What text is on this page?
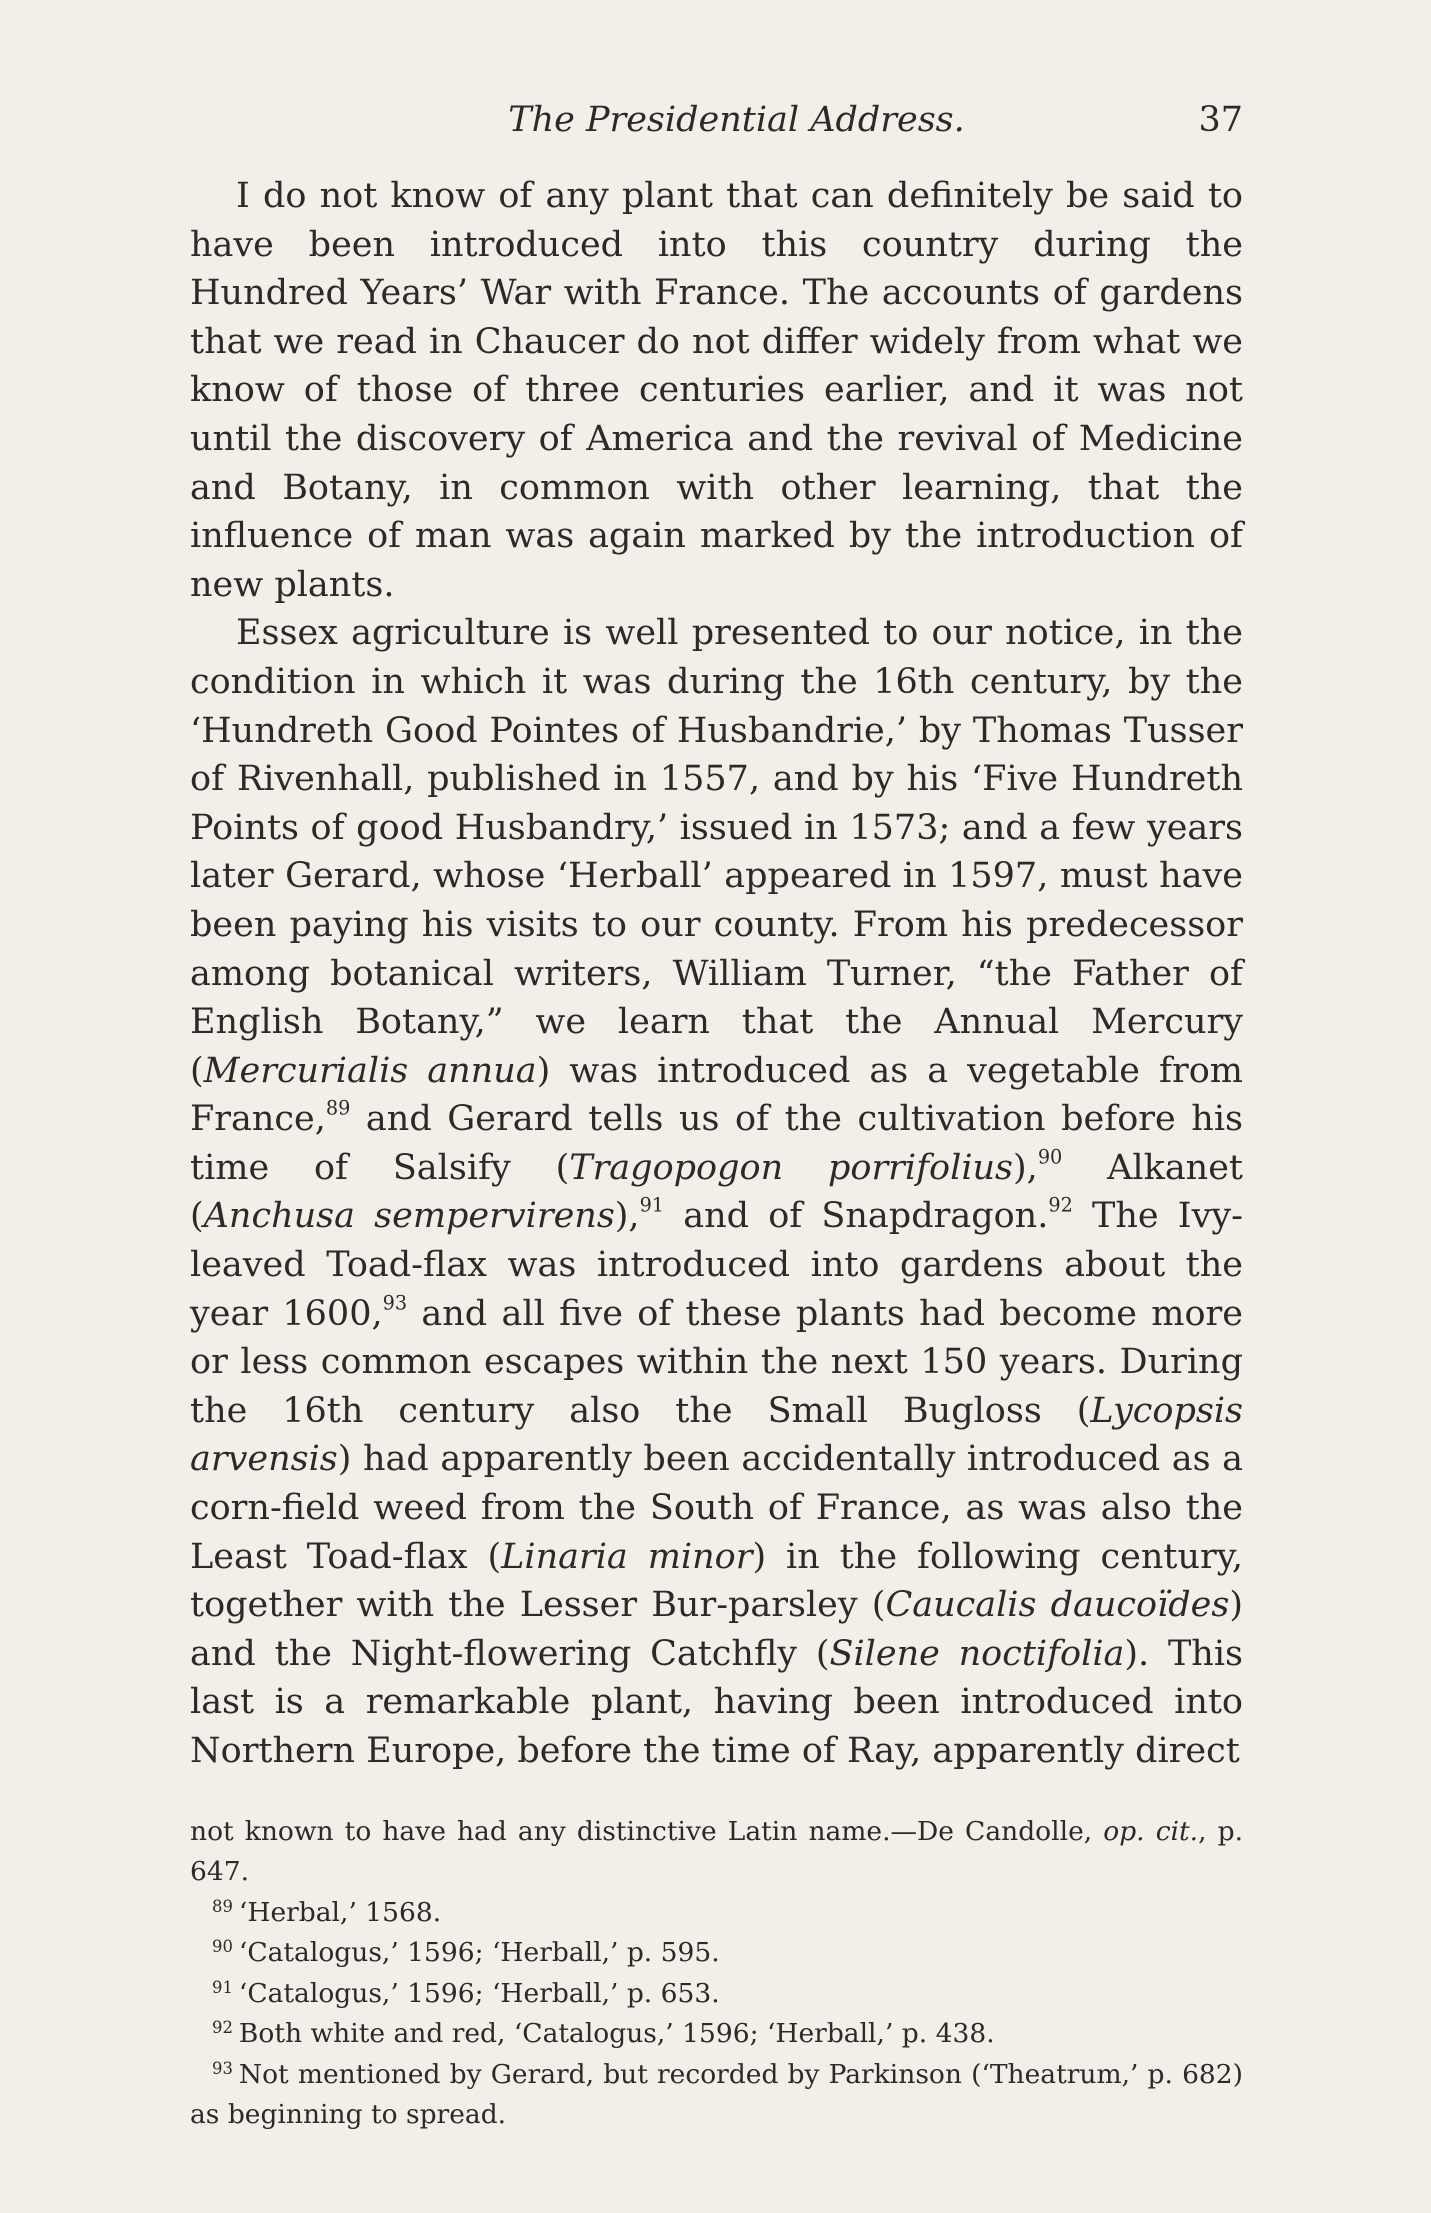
The Presidential Address.	37

I do not know of any plant that can definitely be said to have been introduced into this country during the Hundred Years’ War with France. The accounts of gardens that we read in Chaucer do not differ widely from what we know of those of three centuries earlier, and it was not until the discovery of America and the revival of Medicine and Botany, in common with other learning, that the influence of man was again marked by the introduction of new plants.

Essex agriculture is well presented to our notice, in the condition in which it was during the 16th century, by the ‘Hundreth Good Pointes of Husbandrie,’ by Thomas Tusser of Rivenhall, published in 1557, and by his ‘Five Hundreth Points of good Husbandry,’ issued in 1573; and a few years later Gerard, whose ‘Herball’ appeared in 1597, must have been paying his visits to our county. From his predecessor among botanical writers, William Turner, “the Father of English Botany,” we learn that the Annual Mercury (Mercurialis annua) was introduced as a vegetable from France,$^{89}$ and Gerard tells us of the cultivation before his time of Salsify (Tragopogon porrifolius),$^{90}$ Alkanet (Anchusa sempervirens),$^{91}$ and of Snapdragon.$^{92}$ The Ivy-leaved Toad-flax was introduced into gardens about the year 1600,93 and all five of these plants had become more or less common escapes within the next 150 years. During the 16th century also the Small Bugloss (Lycopsis arvensis) had apparently been accidentally introduced as a corn-field weed from the South of France, as was also the Least Toad-flax (Linaria minor) in the following century, together with the Lesser Bur-parsley (Caucalis daucoïdes) and the Night-flowering Catchfly (Silene noctifolia). This last is a remarkable plant, having been introduced into Northern Europe, before the time of Ray, apparently direct

not known to have had any distinctive Latin name.—De Candolle, op. cit., p. 647.

$^{89}$ ‘Herbal,’ 1568.

$^{90}$ ‘Catalogus,’ 1596; ‘Herball,’ p. 595.

$^{91}$ ‘Catalogus,’ 1596; ‘Herball,’ p. 653.

$^{92}$ Both white and red, ‘Catalogus,’ 1596; ‘Herball,’ p. 438.

$^{93}$ Not mentioned by Gerard, but recorded by Parkinson (‘Theatrum,’ p. 682) as beginning to spread.
